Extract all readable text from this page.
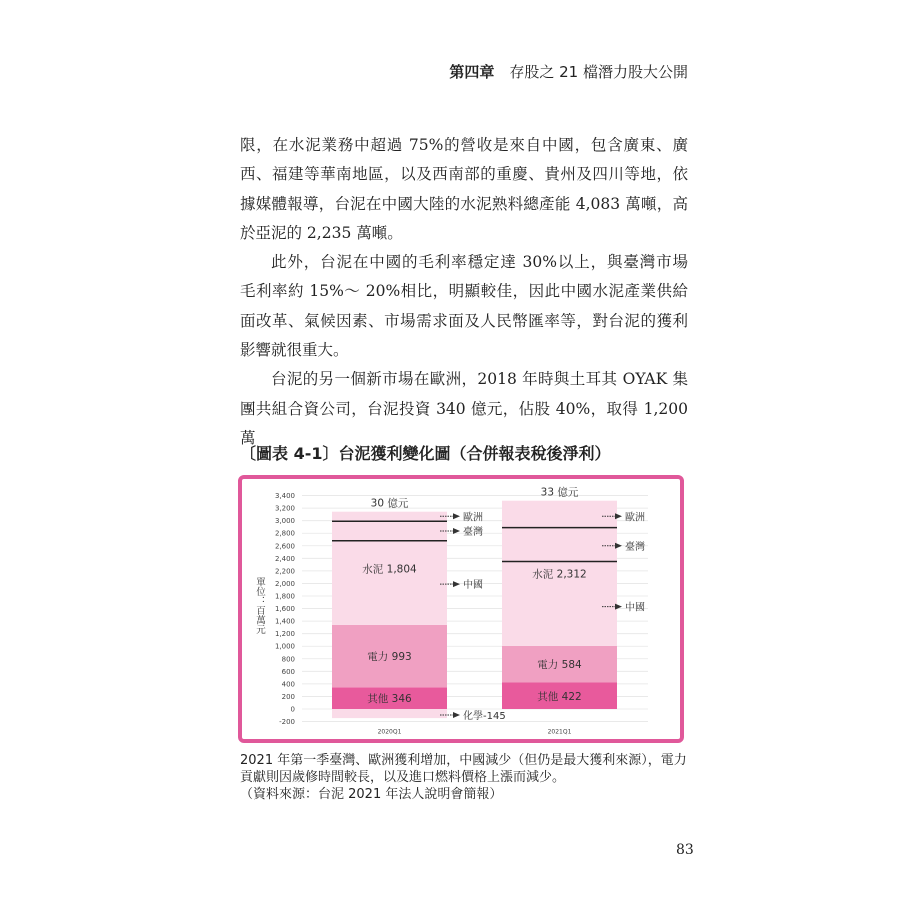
第四章　 存股之 21 檔潛力股大公開

限，在水泥業務中超過 75%的營收是來自中國，包含廣東、廣

西、福建等華南地區，以及西南部的重慶、貴州及四川等地，依

據媒體報導，台泥在中國大陸的水泥熟料總產能 4,083 萬噸，高

於亞泥的 2,235 萬噸。

此外，台泥在中國的毛利率穩定達 30%以上，與臺灣市場

毛利率約 15%～ 20%相比，明顯較佳，因此中國水泥產業供給

面改革、氣候因素、市場需求面及人民幣匯率等，對台泥的獲利

影響就很重大。

台泥的另一個新市場在歐洲，2018 年時與土耳其 OYAK 集

團共組合資公司，台泥投資 340 億元，佔股 40%，取得 1,200 萬

〔圖表 4-1〕台泥獲利變化圖（合併報表稅後淨利）
3,400
3,200
3,000
2,800
2,600
2,400
2,200
2,000
1,800
1,600
1,400
1,200
1,000
800
600
400
200
0
-200
其他 346
電力 993
水泥 1,804
30 億元
2020Q1
歐洲
臺灣
中國
化學-145
其他 422
電力 584
水泥 2,312
33 億元
2021Q1
歐洲
臺灣
中國
單位：百萬元

2021 年第一季臺灣、歐洲獲利增加，中國減少（但仍是最大獲利來源），電力

貢獻則因歲修時間較長，以及進口燃料價格上漲而減少。

（資料來源：台泥 2021 年法人說明會簡報）

83
